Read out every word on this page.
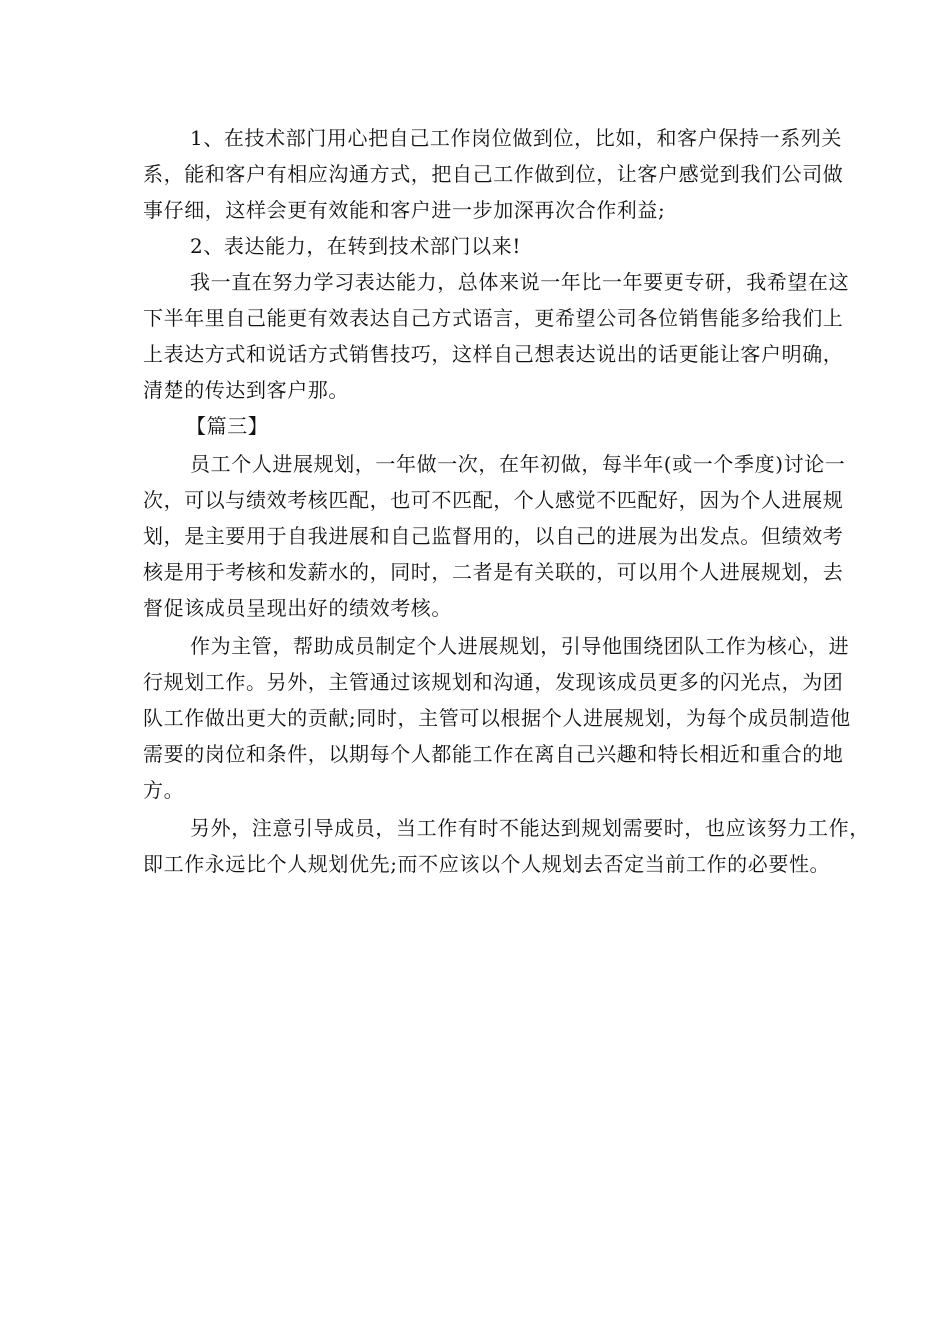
1、在技术部门用心把自己工作岗位做到位，比如，和客户保持一系列关
系，能和客户有相应沟通方式，把自己工作做到位，让客户感觉到我们公司做
事仔细，这样会更有效能和客户进一步加深再次合作利益;
2、表达能力，在转到技术部门以来!
我一直在努力学习表达能力，总体来说一年比一年要更专研，我希望在这
下半年里自己能更有效表达自己方式语言，更希望公司各位销售能多给我们上
上表达方式和说话方式销售技巧，这样自己想表达说出的话更能让客户明确，
清楚的传达到客户那。
【篇三】
员工个人进展规划，一年做一次，在年初做，每半年(或一个季度)讨论一
次，可以与绩效考核匹配，也可不匹配，个人感觉不匹配好，因为个人进展规
划，是主要用于自我进展和自己监督用的，以自己的进展为出发点。但绩效考
核是用于考核和发薪水的，同时，二者是有关联的，可以用个人进展规划，去
督促该成员呈现出好的绩效考核。
作为主管，帮助成员制定个人进展规划，引导他围绕团队工作为核心，进
行规划工作。另外，主管通过该规划和沟通，发现该成员更多的闪光点，为团
队工作做出更大的贡献;同时，主管可以根据个人进展规划，为每个成员制造他
需要的岗位和条件，以期每个人都能工作在离自己兴趣和特长相近和重合的地
方。
另外，注意引导成员，当工作有时不能达到规划需要时，也应该努力工作，
即工作永远比个人规划优先;而不应该以个人规划去否定当前工作的必要性。
